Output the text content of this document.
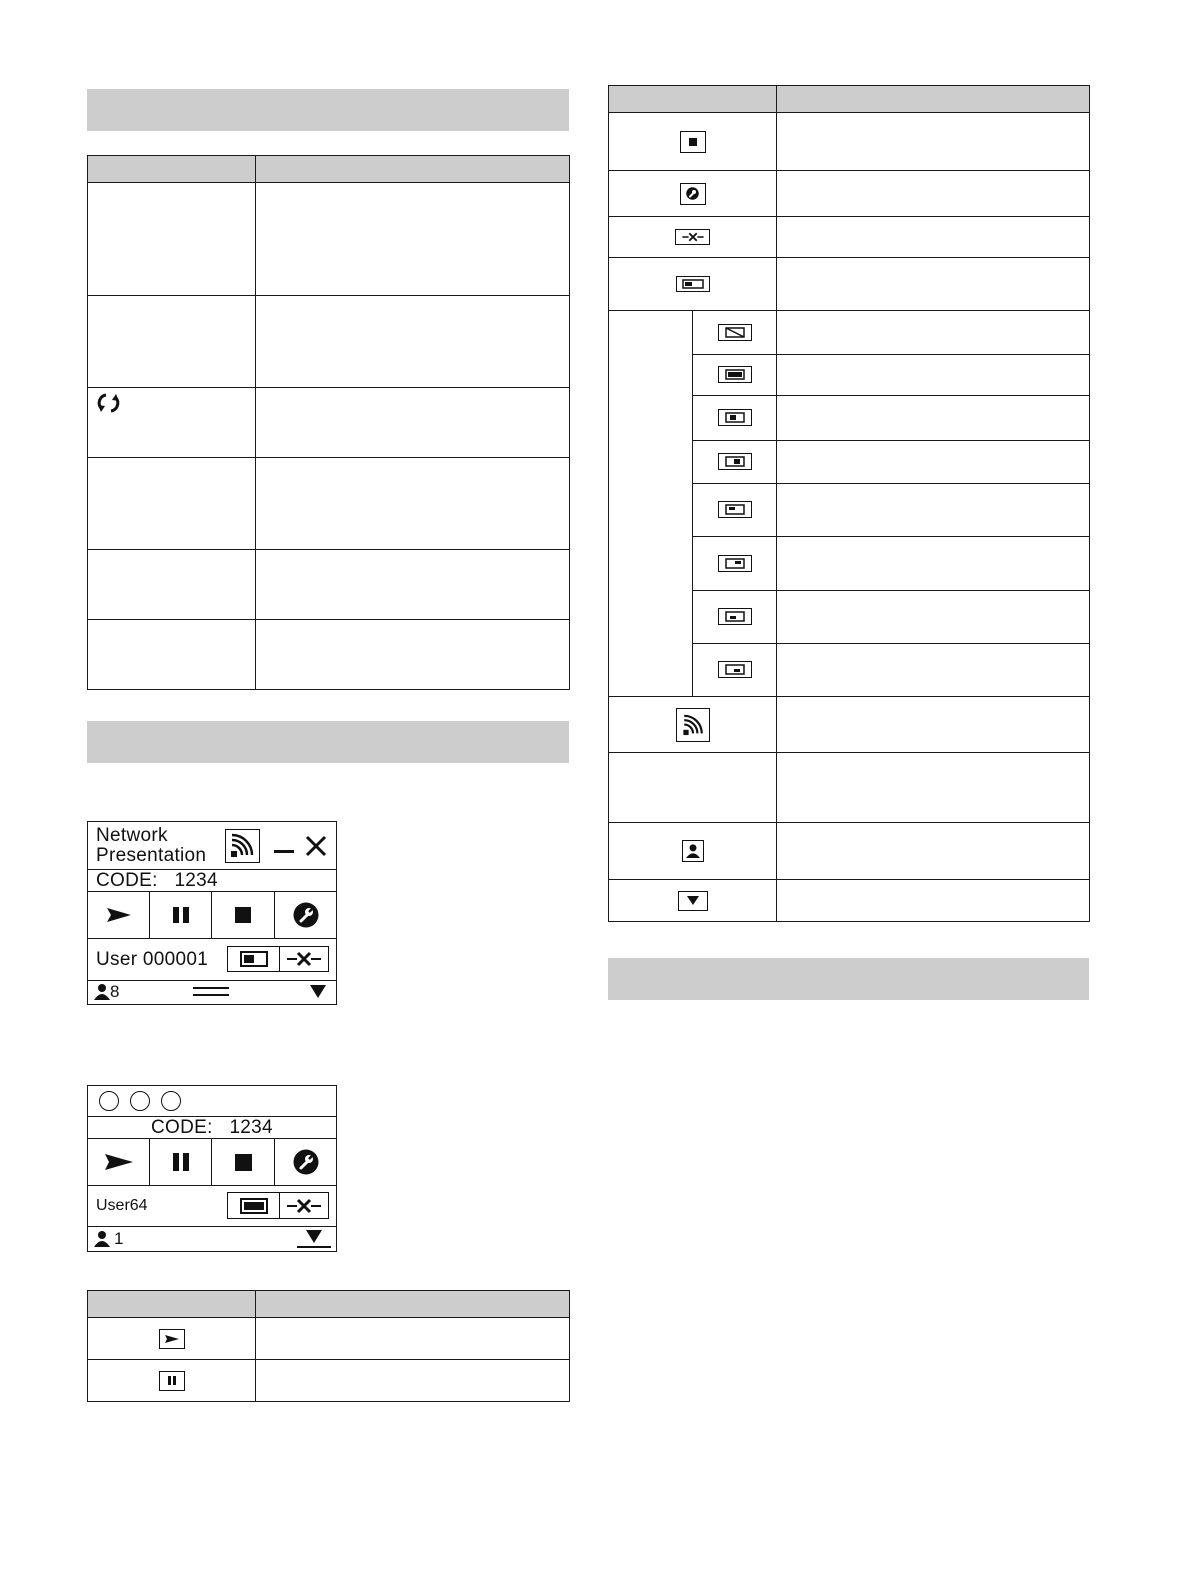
Network
Presentation
CODE: 1234
User 000001
8
CODE: 1234
User64
1
